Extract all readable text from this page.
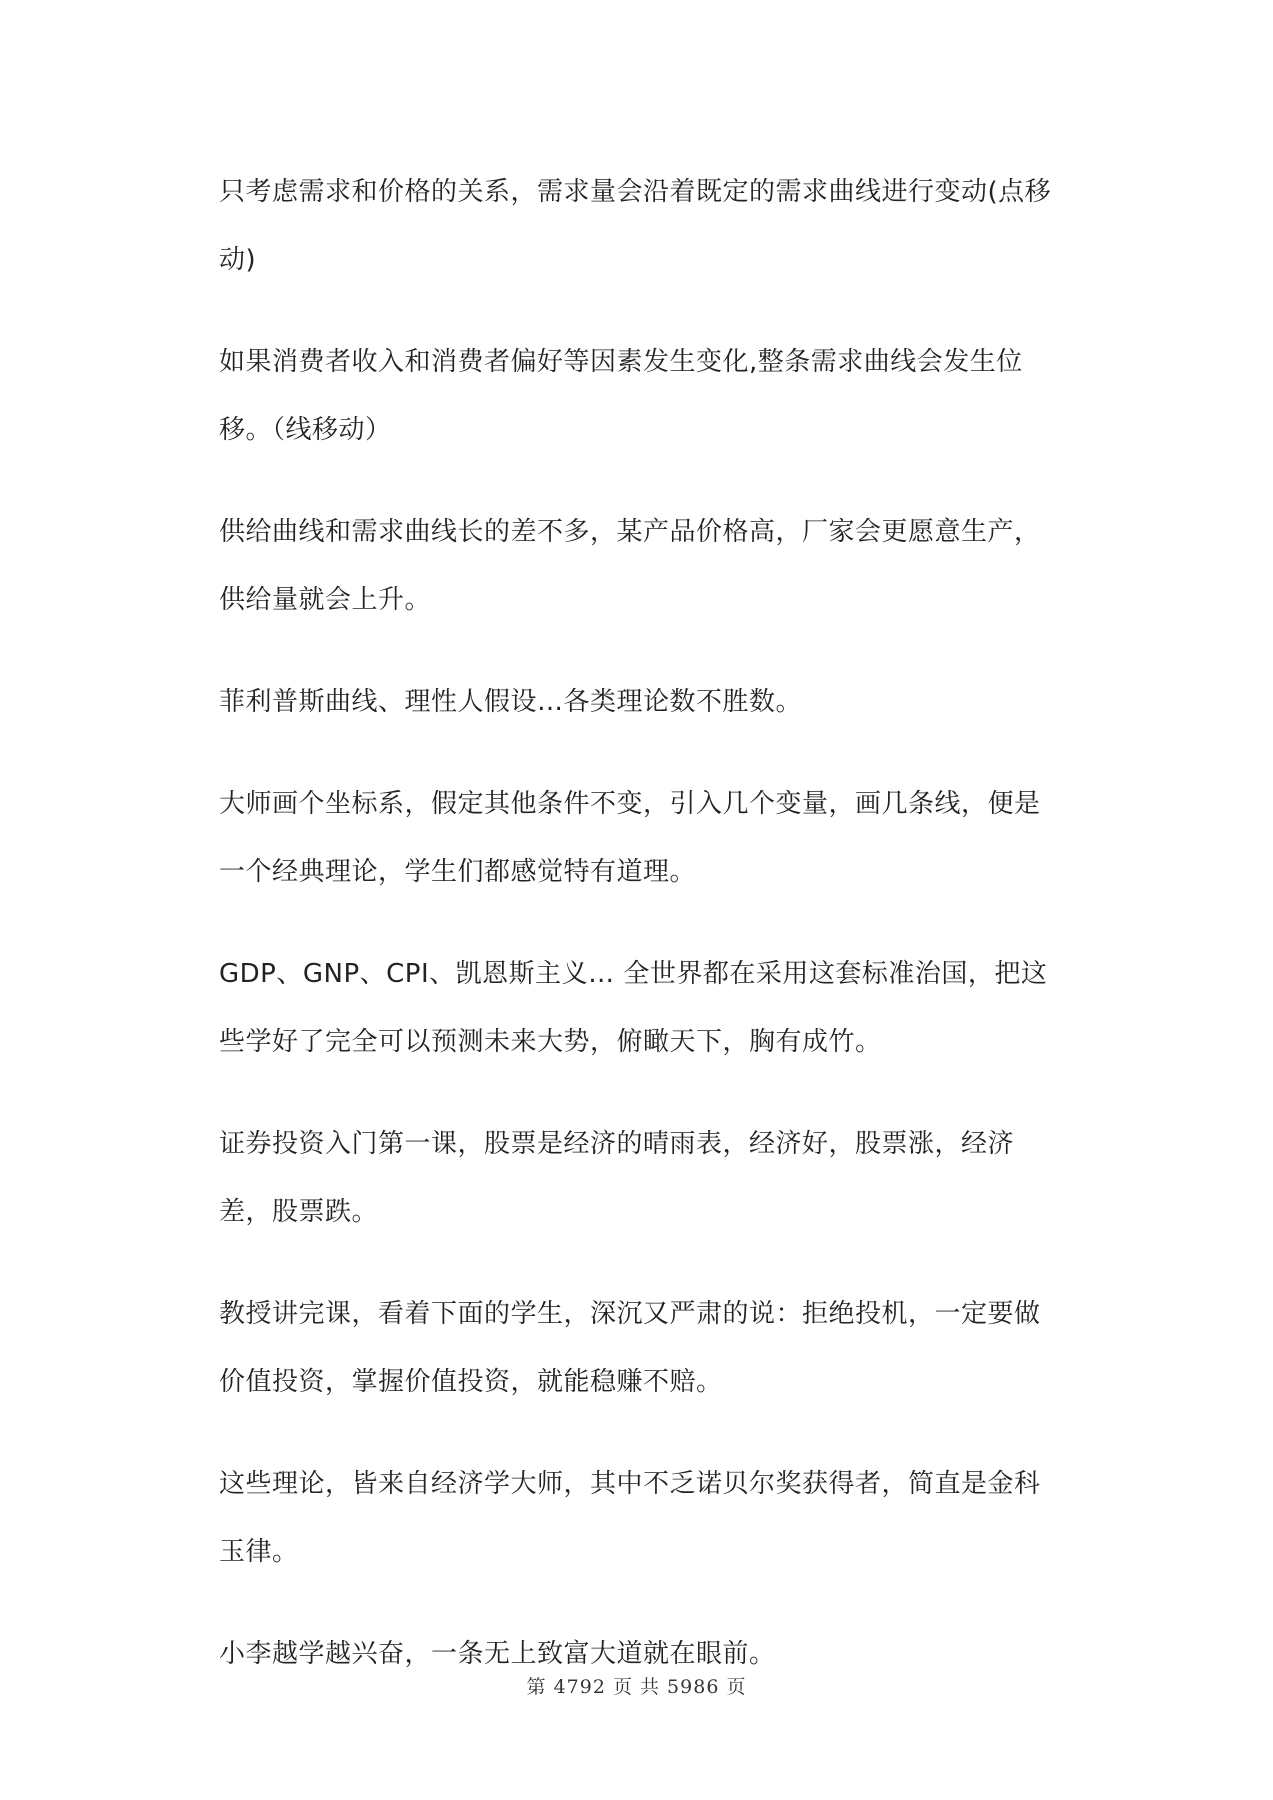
只考虑需求和价格的关系，需求量会沿着既定的需求曲线进行变动(点移动)

如果消费者收入和消费者偏好等因素发生变化,整条需求曲线会发生位移。（线移动）

供给曲线和需求曲线长的差不多，某产品价格高，厂家会更愿意生产，供给量就会上升。

菲利普斯曲线、理性人假设…各类理论数不胜数。

大师画个坐标系，假定其他条件不变，引入几个变量，画几条线，便是一个经典理论，学生们都感觉特有道理。

GDP、GNP、CPI、凯恩斯主义… 全世界都在采用这套标准治国，把这些学好了完全可以预测未来大势，俯瞰天下，胸有成竹。

证券投资入门第一课，股票是经济的晴雨表，经济好，股票涨，经济差，股票跌。

教授讲完课，看着下面的学生，深沉又严肃的说：拒绝投机，一定要做价值投资，掌握价值投资，就能稳赚不赔。

这些理论，皆来自经济学大师，其中不乏诺贝尔奖获得者，简直是金科玉律。

小李越学越兴奋，一条无上致富大道就在眼前。

第 4792 页 共 5986 页
